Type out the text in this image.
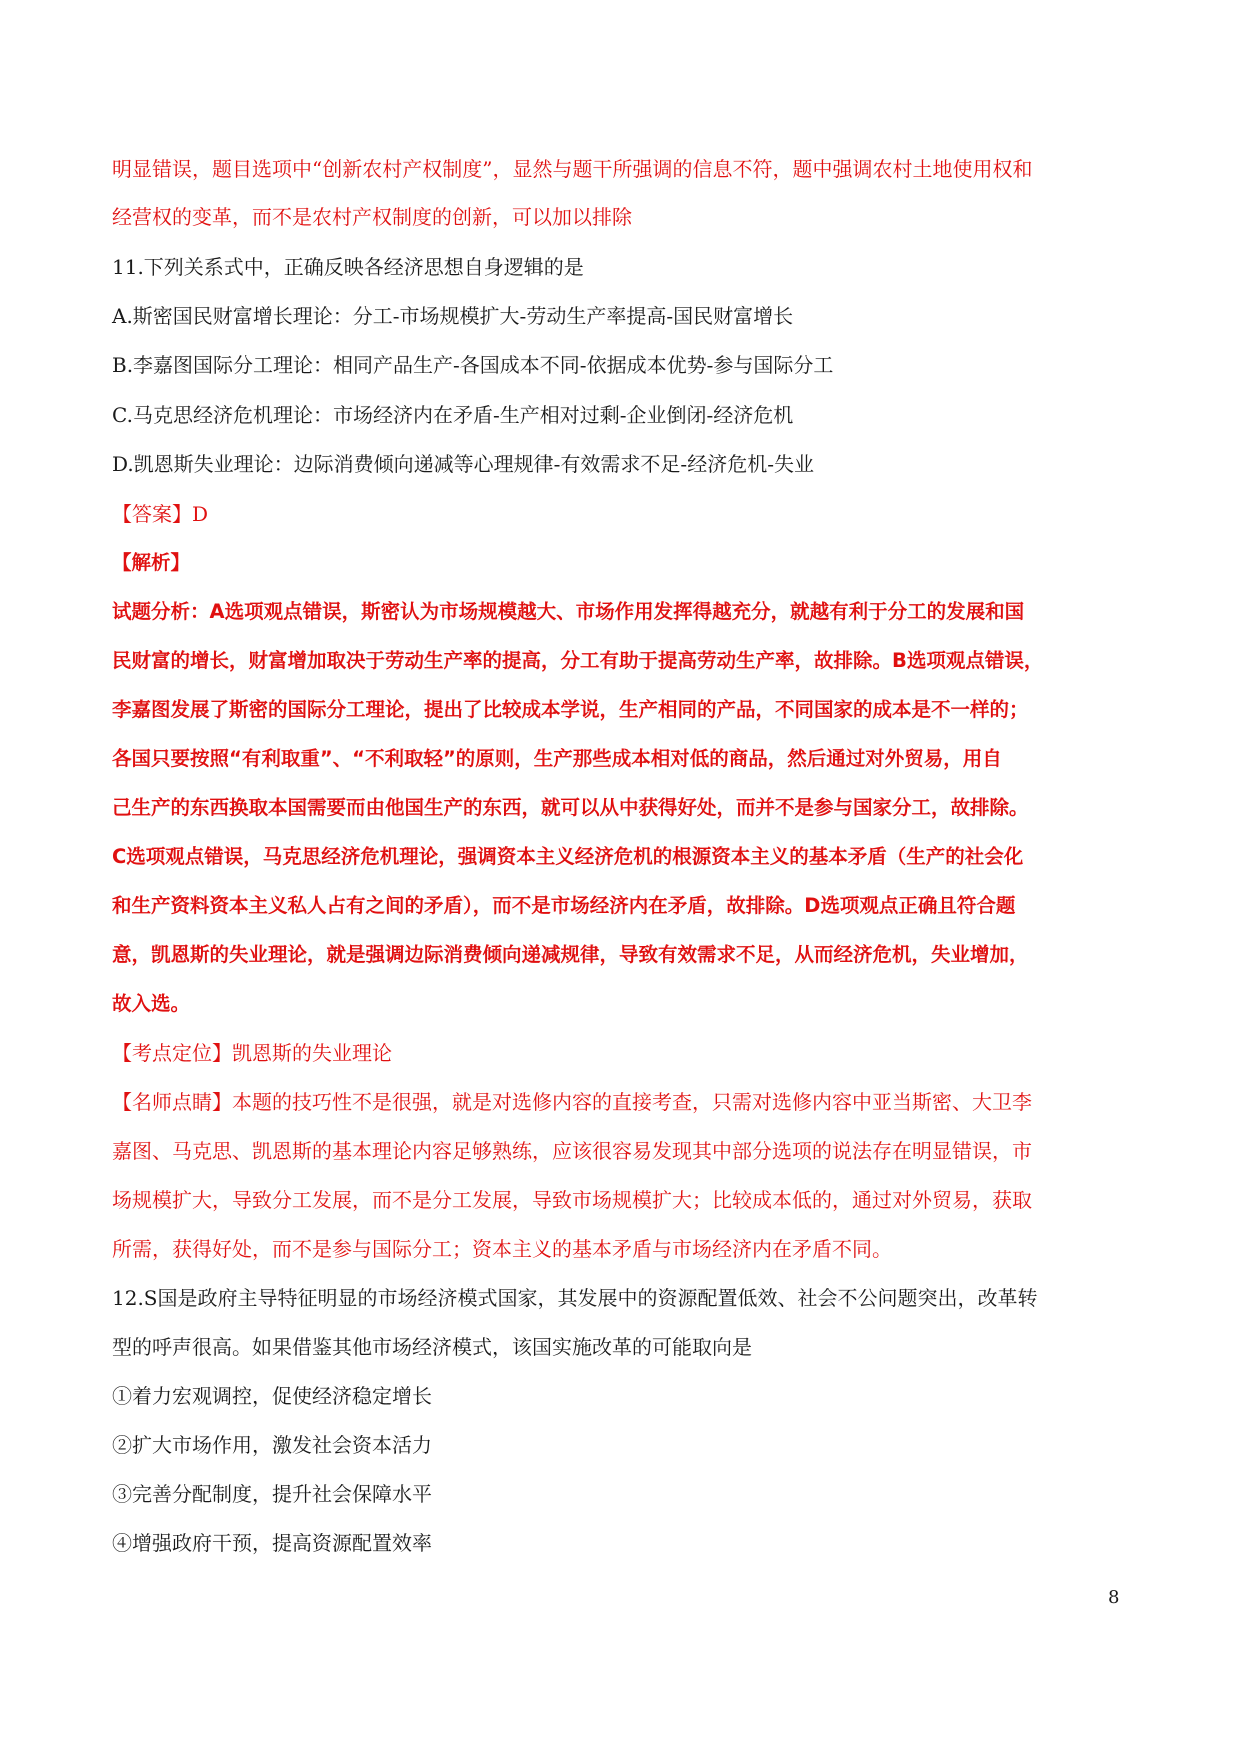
明显错误，题目选项中“创新农村产权制度”，显然与题干所强调的信息不符，题中强调农村土地使用权和
经营权的变革，而不是农村产权制度的创新，可以加以排除
11.下列关系式中，正确反映各经济思想自身逻辑的是
A.斯密国民财富增长理论：分工-市场规模扩大-劳动生产率提高-国民财富增长
B.李嘉图国际分工理论：相同产品生产-各国成本不同-依据成本优势-参与国际分工
C.马克思经济危机理论：市场经济内在矛盾-生产相对过剩-企业倒闭-经济危机
D.凯恩斯失业理论：边际消费倾向递减等心理规律-有效需求不足-经济危机-失业
【答案】D
【解析】
试题分析：A选项观点错误，斯密认为市场规模越大、市场作用发挥得越充分，就越有利于分工的发展和国
民财富的增长，财富增加取决于劳动生产率的提高，分工有助于提高劳动生产率，故排除。B选项观点错误，
李嘉图发展了斯密的国际分工理论，提出了比较成本学说，生产相同的产品，不同国家的成本是不一样的；
各国只要按照“有利取重”、“不利取轻”的原则，生产那些成本相对低的商品，然后通过对外贸易，用自
己生产的东西换取本国需要而由他国生产的东西，就可以从中获得好处，而并不是参与国家分工，故排除。
C选项观点错误，马克思经济危机理论，强调资本主义经济危机的根源资本主义的基本矛盾（生产的社会化
和生产资料资本主义私人占有之间的矛盾），而不是市场经济内在矛盾，故排除。D选项观点正确且符合题
意，凯恩斯的失业理论，就是强调边际消费倾向递减规律，导致有效需求不足，从而经济危机，失业增加，
故入选。
【考点定位】凯恩斯的失业理论
【名师点睛】本题的技巧性不是很强，就是对选修内容的直接考查，只需对选修内容中亚当斯密、大卫李
嘉图、马克思、凯恩斯的基本理论内容足够熟练，应该很容易发现其中部分选项的说法存在明显错误，市
场规模扩大，导致分工发展，而不是分工发展，导致市场规模扩大；比较成本低的，通过对外贸易，获取
所需，获得好处，而不是参与国际分工；资本主义的基本矛盾与市场经济内在矛盾不同。
12.S国是政府主导特征明显的市场经济模式国家，其发展中的资源配置低效、社会不公问题突出，改革转
型的呼声很高。如果借鉴其他市场经济模式，该国实施改革的可能取向是
①着力宏观调控，促使经济稳定增长
②扩大市场作用，激发社会资本活力
③完善分配制度，提升社会保障水平
④增强政府干预，提高资源配置效率
8
